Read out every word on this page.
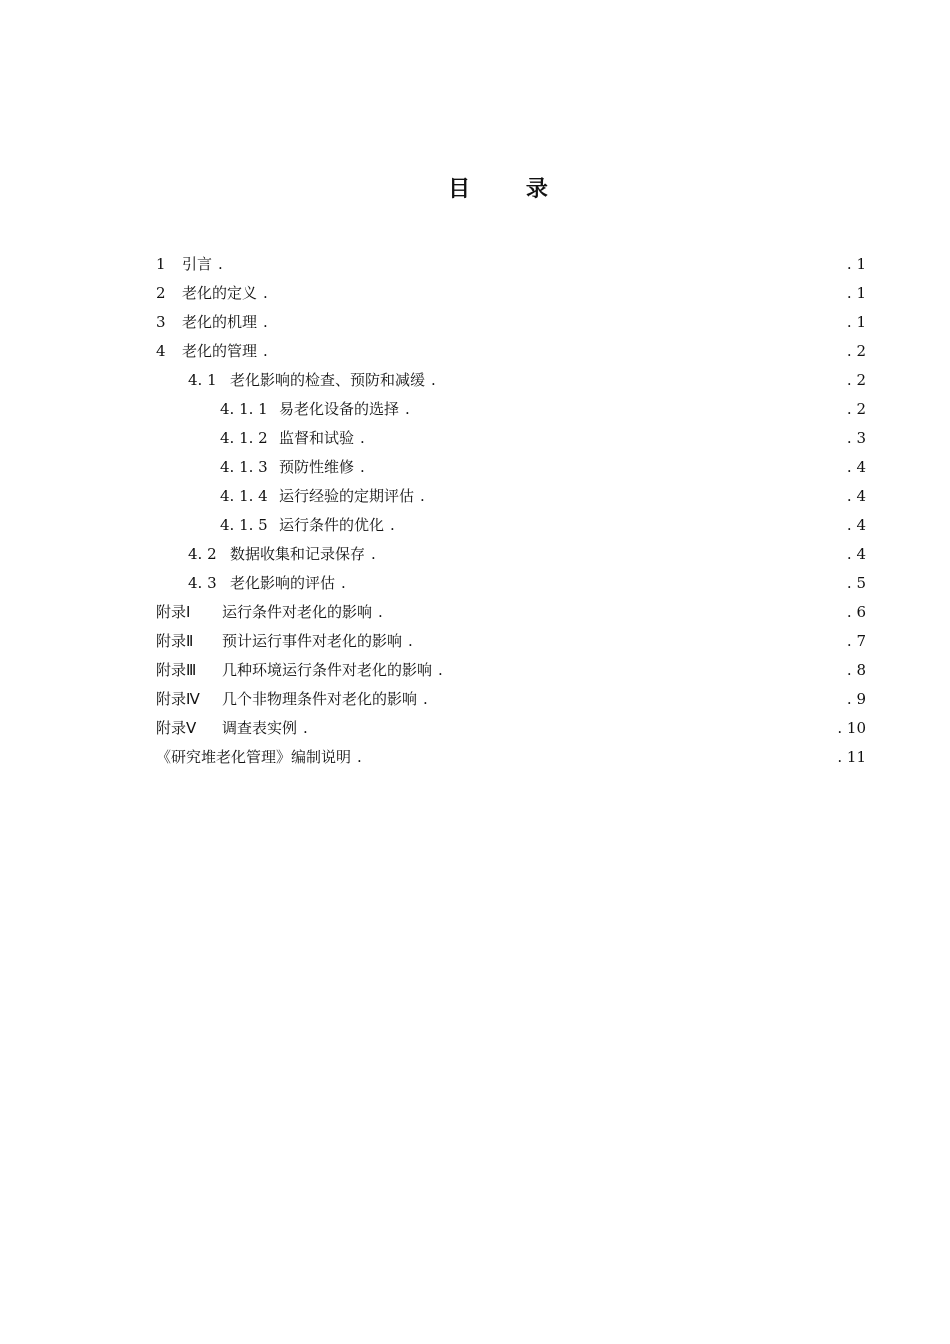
目 录
1 引言 .	. 1
2 老化的定义 .	. 1
3 老化的机理 .	. 1
4 老化的管理 .	. 2
4. 1 老化影响的检查、预防和减缓 .	. 2
4. 1. 1 易老化设备的选择 .	. 2
4. 1. 2 监督和试验 .	. 3
4. 1. 3 预防性维修 .	. 4
4. 1. 4 运行经验的定期评估 .	. 4
4. 1. 5 运行条件的优化 .	. 4
4. 2 数据收集和记录保存 .	. 4
4. 3 老化影响的评估 .	. 5
附录Ⅰ 运行条件对老化的影响 .	. 6
附录Ⅱ 预计运行事件对老化的影响 .	. 7
附录Ⅲ 几种环境运行条件对老化的影响 .	. 8
附录Ⅳ 几个非物理条件对老化的影响 .	. 9
附录Ⅴ 调查表实例 .	. 10
《研究堆老化管理》编制说明 .	. 11
